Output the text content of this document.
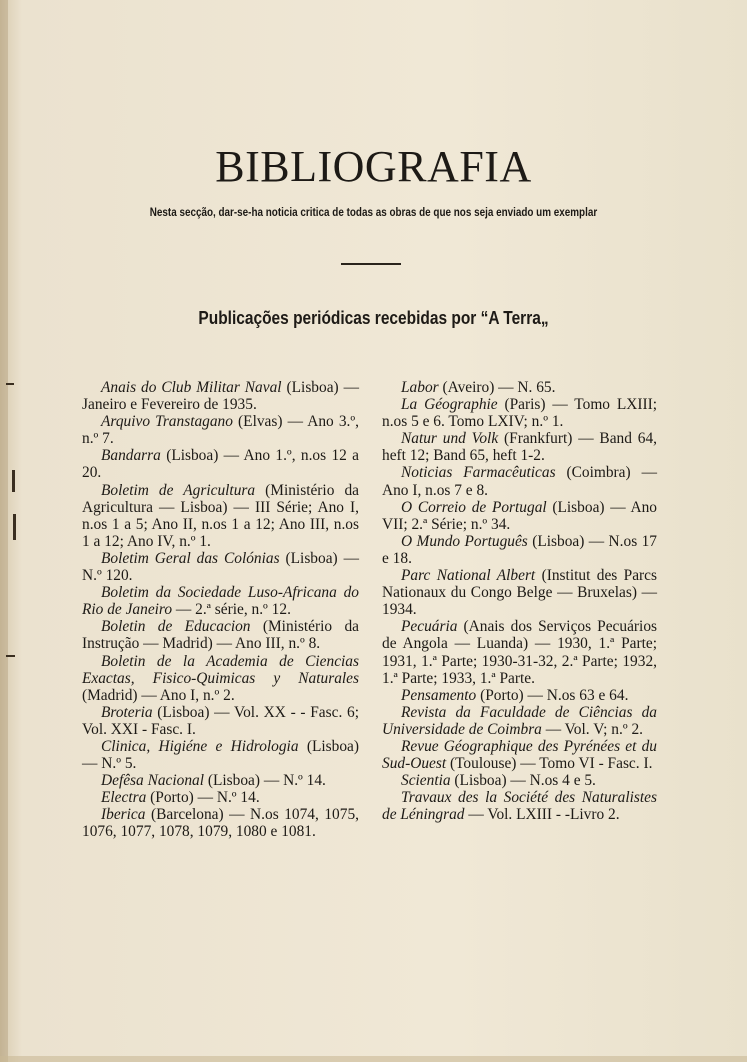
BIBLIOGRAFIA
Nesta secção, dar-se-ha noticia critica de todas as obras de que nos seja enviado um exemplar
Publicações periódicas recebidas por “A Terra„

Anais do Club Militar Naval (Lisboa) — Janeiro e Fevereiro de 1935.

Arquivo Transtagano (Elvas) — Ano 3.º, n.º 7.

Bandarra (Lisboa) — Ano 1.º, n.os 12 a 20.

Boletim de Agricultura (Ministério da Agricultura — Lisboa) — III Série; Ano I, n.os 1 a 5; Ano II, n.os 1 a 12; Ano III, n.os 1 a 12; Ano IV, n.º 1.

Boletim Geral das Colónias (Lisboa) — N.º 120.

Boletim da Sociedade Luso-Africana do Rio de Janeiro — 2.ª série, n.º 12.

Boletin de Educacion (Ministério da Instrução — Madrid) — Ano III, n.º 8.

Boletin de la Academia de Ciencias Exactas, Fisico-Quimicas y Naturales (Madrid) — Ano I, n.º 2.

Broteria (Lisboa) — Vol. XX - - Fasc. 6; Vol. XXI - Fasc. I.

Clinica, Higiéne e Hidrologia (Lisboa) — N.º 5.

Defêsa Nacional (Lisboa) — N.º 14.

Electra (Porto) — N.º 14.

Iberica (Barcelona) — N.os 1074, 1075, 1076, 1077, 1078, 1079, 1080 e 1081.

Labor (Aveiro) — N. 65.

La Géographie (Paris) — Tomo LXIII; n.os 5 e 6. Tomo LXIV; n.º 1.

Natur und Volk (Frankfurt) — Band 64, heft 12; Band 65, heft 1-2.

Noticias Farmacêuticas (Coimbra) — Ano I, n.os 7 e 8.

O Correio de Portugal (Lisboa) — Ano VII; 2.ª Série; n.º 34.

O Mundo Português (Lisboa) — N.os 17 e 18.

Parc National Albert (Institut des Parcs Nationaux du Congo Belge — Bruxelas) — 1934.

Pecuária (Anais dos Serviços Pecuários de Angola — Luanda) — 1930, 1.ª Parte; 1931, 1.ª Parte; 1930-31-32, 2.ª Parte; 1932, 1.ª Parte; 1933, 1.ª Parte.

Pensamento (Porto) — N.os 63 e 64.

Revista da Faculdade de Ciências da Universidade de Coimbra — Vol. V; n.º 2.

Revue Géographique des Pyrénées et du Sud-Ouest (Toulouse) — Tomo VI - Fasc. I.

Scientia (Lisboa) — N.os 4 e 5.

Travaux des la Société des Naturalistes de Léningrad — Vol. LXIII - -Livro 2.
